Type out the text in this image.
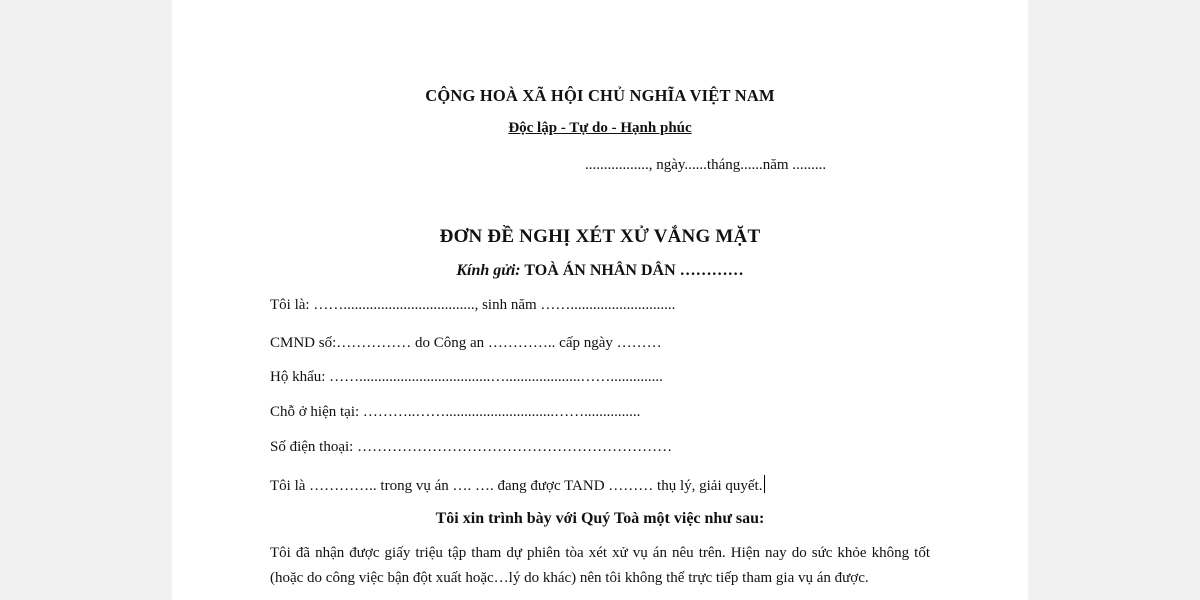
CỘNG HOÀ XÃ HỘI CHỦ NGHĨA VIỆT NAM
Độc lập - Tự do - Hạnh phúc
................., ngày......tháng......năm .........
ĐƠN ĐỀ NGHỊ XÉT XỬ VẮNG MẶT
Kính gửi: TOÀ ÁN NHÂN DÂN …………
Tôi là: ……..................................., sinh năm ……............................
CMND số:…………… do Công an ………….. cấp ngày ………
Hộ khẩu: ……...................................…....................……..............
Chỗ ở hiện tại: ………..…….............................……...............
Số điện thoại: ………………………………………………………
Tôi là ………….. trong vụ án …. …. đang được TAND ……… thụ lý, giải quyết.
Tôi xin trình bày với Quý Toà một việc như sau:
Tôi đã nhận được giấy triệu tập tham dự phiên tòa xét xử vụ án nêu trên. Hiện nay do sức khỏe không tốt (hoặc do công việc bận đột xuất hoặc…lý do khác) nên tôi không thể trực tiếp tham gia vụ án được.
